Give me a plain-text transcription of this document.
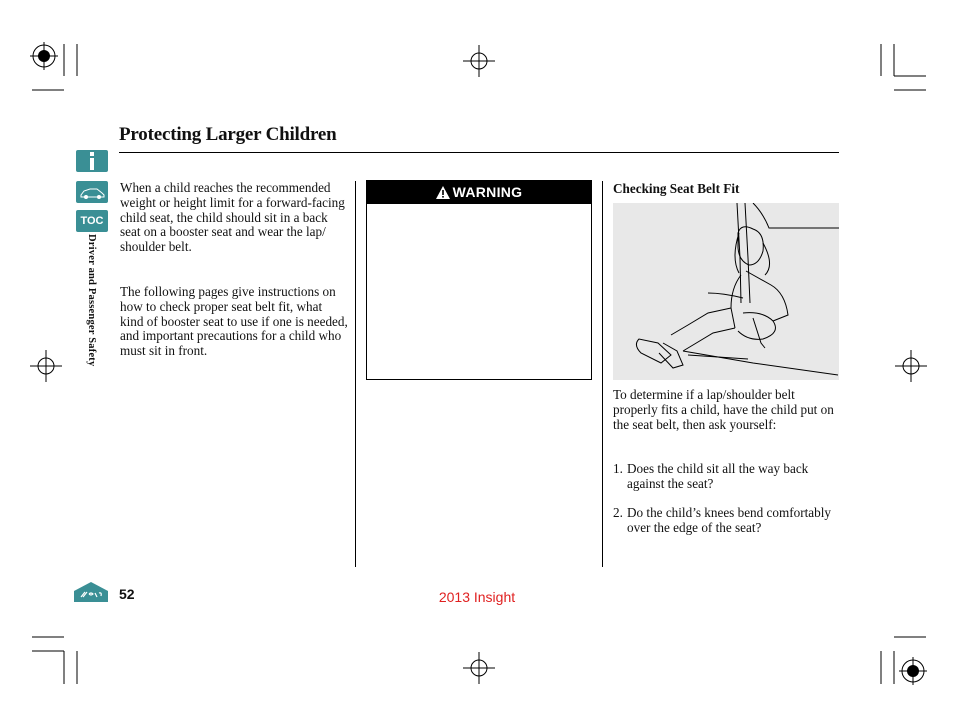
Protecting Larger Children
TOC
Driver and Passenger Safety
When a child reaches the recommended weight or height limit for a forward-facing child seat, the child should sit in a back seat on a booster seat and wear the lap/ shoulder belt.
The following pages give instructions on how to check proper seat belt fit, what kind of booster seat to use if one is needed, and important precautions for a child who must sit in front.
WARNING	Checking Seat Belt Fit
To determine if a lap/shoulder belt properly fits a child, have the child put on the seat belt, then ask yourself:
1. Does the child sit all the way back against the seat?
2. Do the child’s knees bend comfortably over the edge of the seat?
52	2013 Insight
